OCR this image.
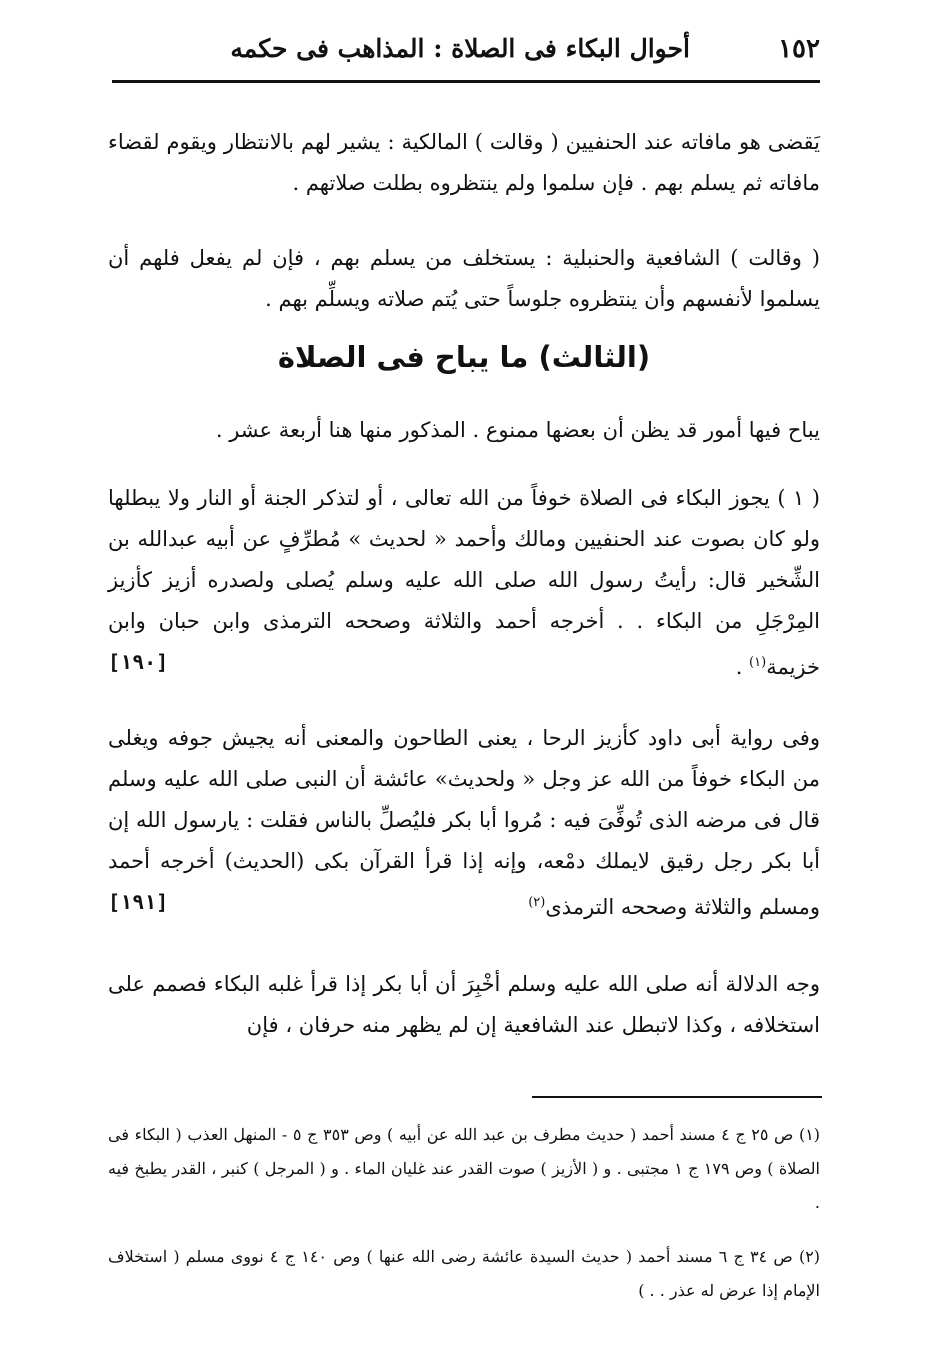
١٥٢
أحوال البكاء فى الصلاة : المذاهب فى حكمه
يَقضى هو مافاته عند الحنفيين ( وقالت ) المالكية : يشير لهم بالانتظار ويقوم لقضاء مافاته ثم يسلم بهم . فإن سلموا ولم ينتظروه بطلت صلاتهم .
( وقالت ) الشافعية والحنبلية : يستخلف من يسلم بهم ، فإن لم يفعل فلهم أن يسلموا لأنفسهم وأن ينتظروه جلوساً حتى يُتم صلاته ويسلِّم بهم .
(الثالث) ما يباح فى الصلاة
يباح فيها أمور قد يظن أن بعضها ممنوع . المذكور منها هنا أربعة عشر .
( ١ ) يجوز البكاء فى الصلاة خوفاً من الله تعالى ، أو لتذكر الجنة أو النار ولا يبطلها ولو كان بصوت عند الحنفيين ومالك وأحمد « لحديث » مُطرِّفٍ عن أبيه عبدالله بن الشِّخير قال: رأيتُ رسول الله صلى الله عليه وسلم يُصلى ولصدره أزيز كأزيز المِرْجَلِ من البكاء . . أخرجه أحمد والثلاثة وصححه الترمذى وابن حبان وابن خزيمة$^{(١)}$ .
[١٩٠]
وفى رواية أبى داود كأزيز الرحا ، يعنى الطاحون والمعنى أنه يجيش جوفه ويغلى من البكاء خوفاً من الله عز وجل « ولحديث» عائشة أن النبى صلى الله عليه وسلم قال فى مرضه الذى تُوفِّىَ فيه : مُروا أبا بكر فليُصلِّ بالناس فقلت : يارسول الله إن أبا بكر رجل رقيق لايملك دمْعه، وإنه إذا قرأ القرآن بكى (الحديث) أخرجه أحمد ومسلم والثلاثة وصححه الترمذى$^{(٢)}$
[١٩١]
وجه الدلالة أنه صلى الله عليه وسلم أخْبِرَ أن أبا بكر إذا قرأ غلبه البكاء فصمم على استخلافه ، وكذا لاتبطل عند الشافعية إن لم يظهر منه حرفان ، فإن
(١) ص ٢٥ ج ٤ مسند أحمد ( حديث مطرف بن عبد الله عن أبيه ) وص ٣٥٣ ج ٥ - المنهل العذب ( البكاء فى الصلاة ) وص ١٧٩ ج ١ مجتبى . و ( الأزيز ) صوت القدر عند غليان الماء . و ( المرجل ) كنبر ، القدر يطبخ فيه .
(٢) ص ٣٤ ج ٦ مسند أحمد ( حديث السيدة عائشة رضى الله عنها ) وص ١٤٠ ج ٤ نووى مسلم ( استخلاف الإمام إذا عرض له عذر . . )
